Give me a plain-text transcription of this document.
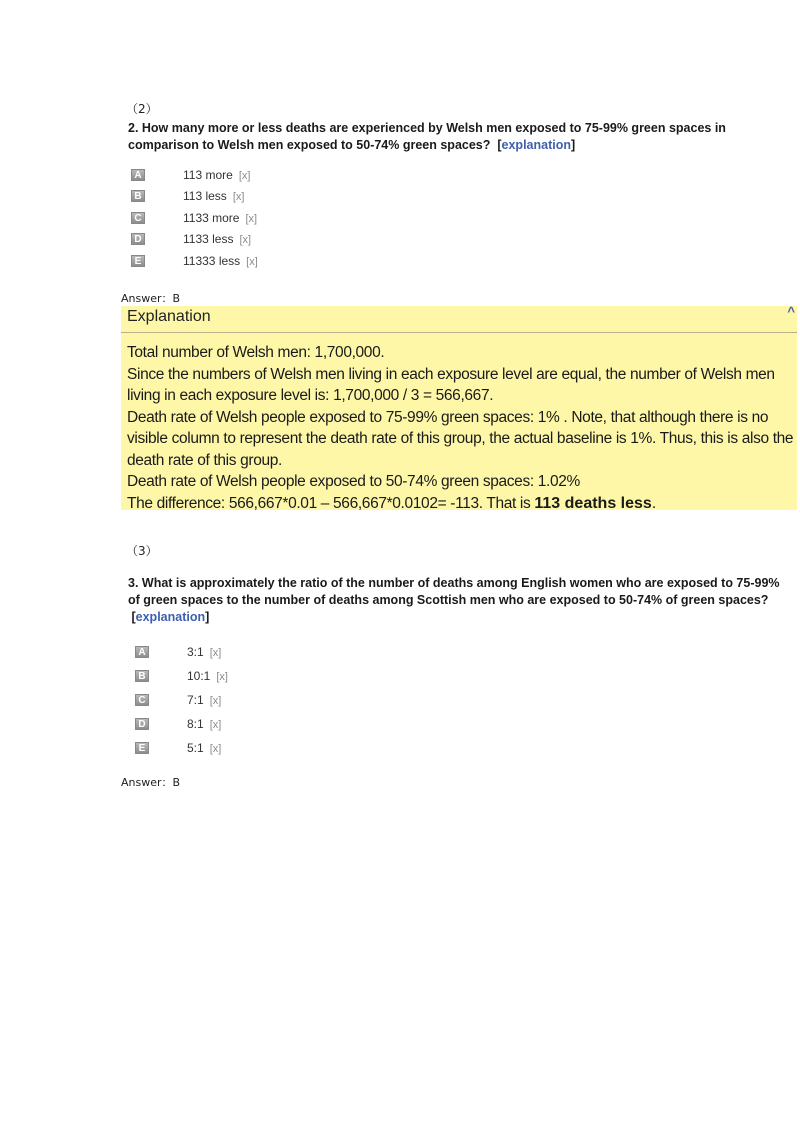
（2）
2. How many more or less deaths are experienced by Welsh men exposed to 75-99% green spaces in comparison to Welsh men exposed to 50-74% green spaces? [explanation]
A	113 more [x]
B	113 less [x]
C	1133 more [x]
D	1133 less [x]
E	11333 less [x]
Answer：B
Explanation	^

Total number of Welsh men: 1,700,000.

Since the numbers of Welsh men living in each exposure level are equal, the number of Welsh men living in each exposure level is: 1,700,000 / 3 = 566,667.

Death rate of Welsh people exposed to 75-99% green spaces: 1% . Note, that although there is no visible column to represent the death rate of this group, the actual baseline is 1%. Thus, this is also the death rate of this group.

Death rate of Welsh people exposed to 50-74% green spaces: 1.02%

The difference: 566,667*0.01 – 566,667*0.0102= -113. That is 113 deaths less.

（3）
3. What is approximately the ratio of the number of deaths among English women who are exposed to 75-99% of green spaces to the number of deaths among Scottish men who are exposed to 50-74% of green spaces?  [explanation]
A	3:1 [x]
B	10:1 [x]
C	7:1 [x]
D	8:1 [x]
E	5:1 [x]
Answer：B
